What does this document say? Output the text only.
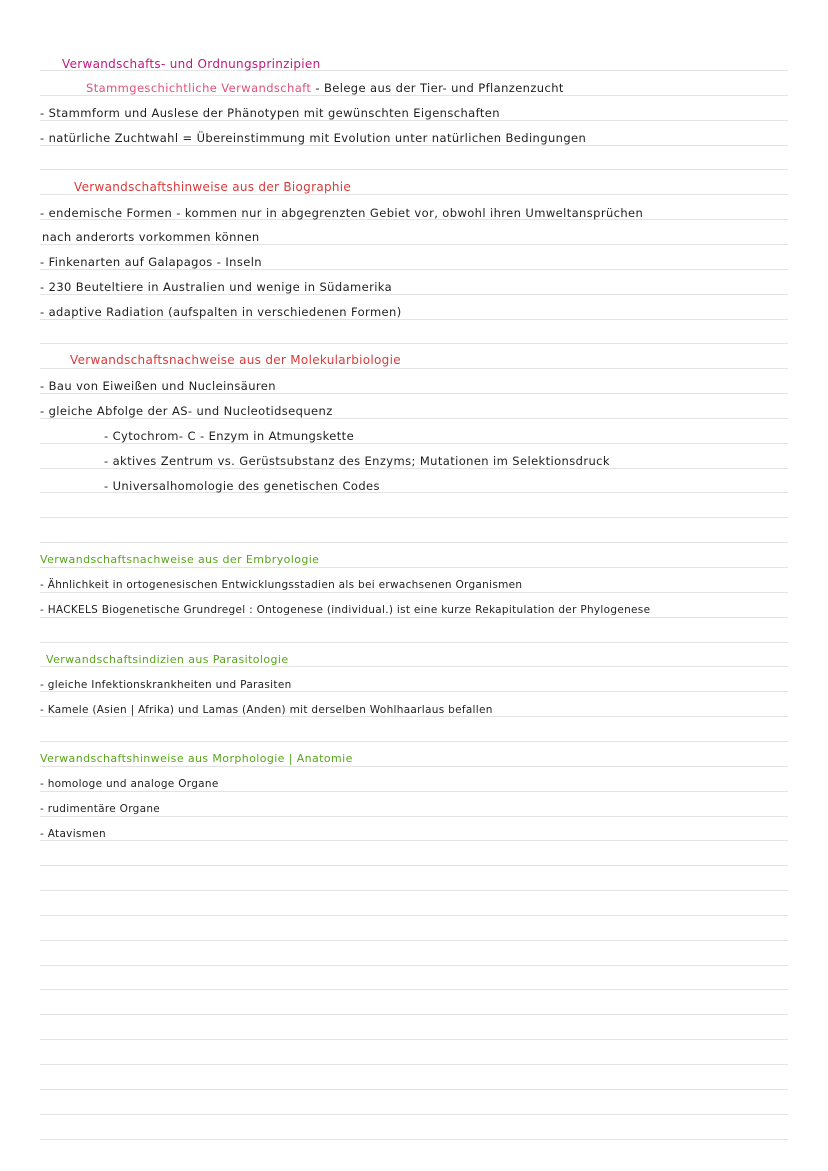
Verwandschafts- und Ordnungsprinzipien
Stammgeschichtliche Verwandschaft - Belege aus der Tier- und Pflanzenzucht
- Stammform und Auslese der Phänotypen mit gewünschten Eigenschaften
- natürliche Zuchtwahl = Übereinstimmung mit Evolution unter natürlichen Bedingungen
Verwandschaftshinweise aus der Biographie
- endemische Formen - kommen nur in abgegrenzten Gebiet vor, obwohl ihren Umweltansprüchen
nach anderorts vorkommen können
- Finkenarten auf Galapagos - Inseln
- 230 Beuteltiere in Australien und wenige in Südamerika
- adaptive Radiation (aufspalten in verschiedenen Formen)
Verwandschaftsnachweise aus der Molekularbiologie
- Bau von Eiweißen und Nucleinsäuren
- gleiche Abfolge der AS- und Nucleotidsequenz
- Cytochrom- C - Enzym in Atmungskette
- aktives Zentrum vs. Gerüstsubstanz des Enzyms; Mutationen im Selektionsdruck
- Universalhomologie des genetischen Codes
Verwandschaftsnachweise aus der Embryologie
- Ähnlichkeit in ortogenesischen Entwicklungsstadien als bei erwachsenen Organismen
- HACKELS Biogenetische Grundregel : Ontogenese (individual.) ist eine kurze Rekapitulation der Phylogenese
Verwandschaftsindizien aus Parasitologie
- gleiche Infektionskrankheiten und Parasiten
- Kamele (Asien | Afrika) und Lamas (Anden) mit derselben Wohlhaarlaus befallen
Verwandschaftshinweise aus Morphologie | Anatomie
- homologe und analoge Organe
- rudimentäre Organe
- Atavismen
